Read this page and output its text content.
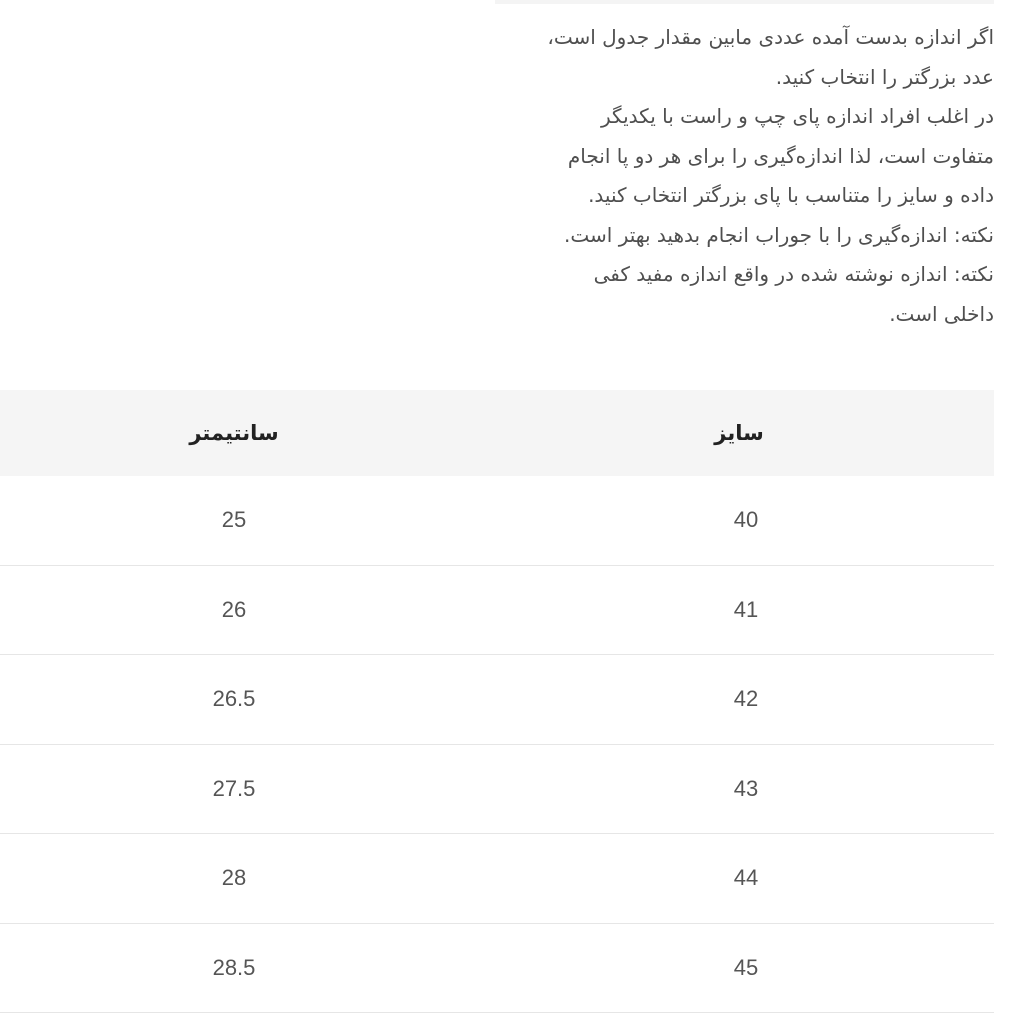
اگر اندازه بدست آمده عددی مابین مقدار جدول است،
عدد بزرگتر را انتخاب کنید.
در اغلب افراد اندازه پای چپ و راست با یکدیگر
متفاوت است، لذا اندازه‌گیری را برای هر دو پا انجام
داده و سایز را متناسب با پای بزرگتر انتخاب کنید.
نکته: اندازه‌گیری را با جوراب انجام بدهید بهتر است.
نکته: اندازه نوشته شده در واقع اندازه مفید کفی
داخلی است.
سایز
سانتیمتر
40
25
41
26
42
26.5
43
27.5
44
28
45
28.5
